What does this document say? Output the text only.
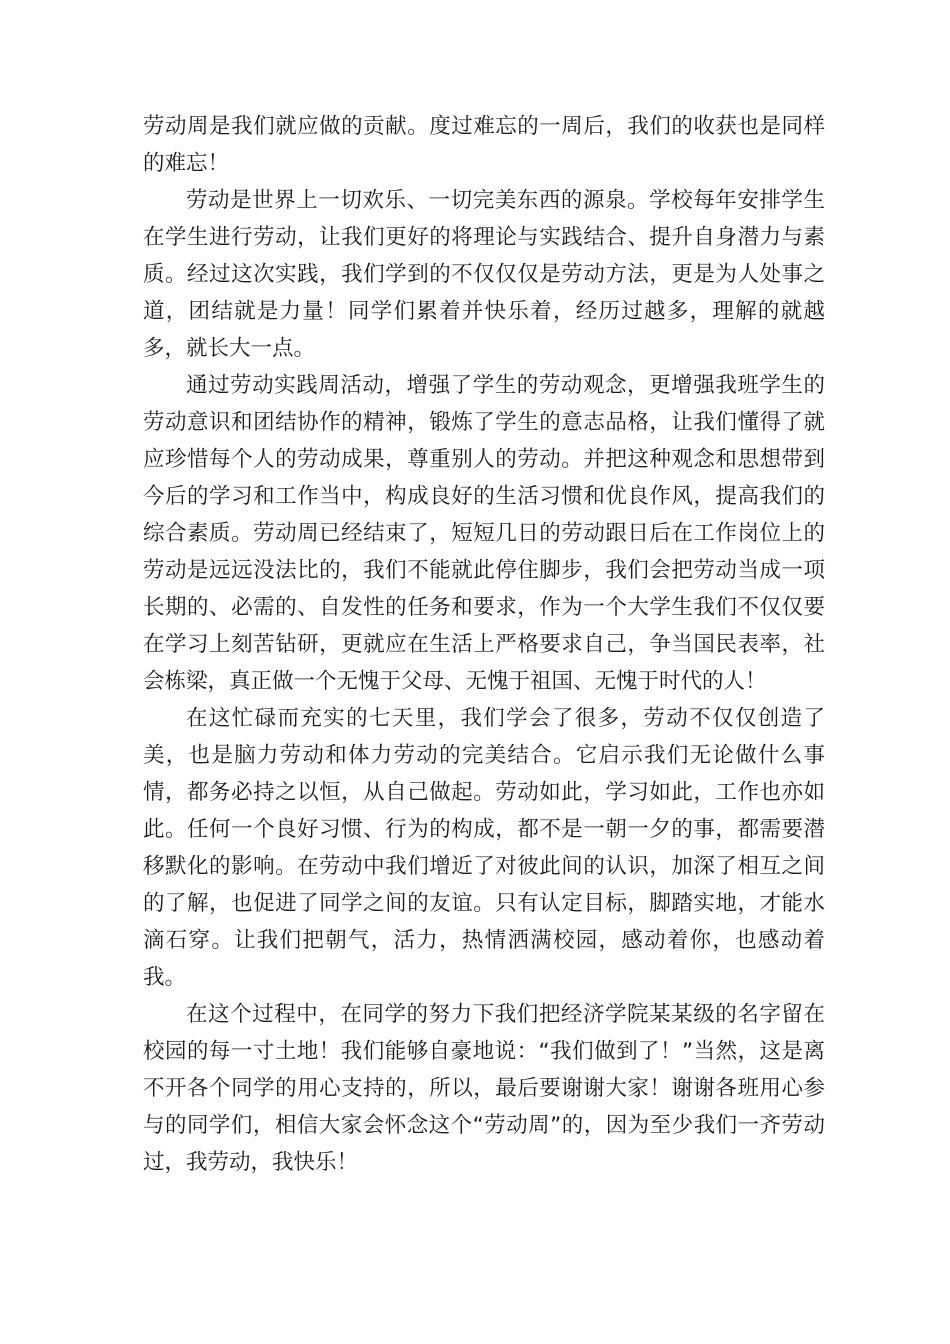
劳动周是我们就应做的贡献。度过难忘的一周后，我们的收获也是同样的难忘！

劳动是世界上一切欢乐、一切完美东西的源泉。学校每年安排学生在学生进行劳动，让我们更好的将理论与实践结合、提升自身潜力与素质。经过这次实践，我们学到的不仅仅仅是劳动方法，更是为人处事之道，团结就是力量！同学们累着并快乐着，经历过越多，理解的就越多，就长大一点。

通过劳动实践周活动，增强了学生的劳动观念，更增强我班学生的劳动意识和团结协作的精神，锻炼了学生的意志品格，让我们懂得了就应珍惜每个人的劳动成果，尊重别人的劳动。并把这种观念和思想带到今后的学习和工作当中，构成良好的生活习惯和优良作风，提高我们的综合素质。劳动周已经结束了，短短几日的劳动跟日后在工作岗位上的劳动是远远没法比的，我们不能就此停住脚步，我们会把劳动当成一项长期的、必需的、自发性的任务和要求，作为一个大学生我们不仅仅要在学习上刻苦钻研，更就应在生活上严格要求自己，争当国民表率，社会栋梁，真正做一个无愧于父母、无愧于祖国、无愧于时代的人！

在这忙碌而充实的七天里，我们学会了很多，劳动不仅仅创造了美，也是脑力劳动和体力劳动的完美结合。它启示我们无论做什么事情，都务必持之以恒，从自己做起。劳动如此，学习如此，工作也亦如此。任何一个良好习惯、行为的构成，都不是一朝一夕的事，都需要潜移默化的影响。在劳动中我们增近了对彼此间的认识，加深了相互之间的了解，也促进了同学之间的友谊。只有认定目标，脚踏实地，才能水滴石穿。让我们把朝气，活力，热情洒满校园，感动着你，也感动着我。

在这个过程中，在同学的努力下我们把经济学院某某级的名字留在校园的每一寸土地！我们能够自豪地说：“我们做到了！”当然，这是离不开各个同学的用心支持的，所以，最后要谢谢大家！谢谢各班用心参与的同学们，相信大家会怀念这个“劳动周”的，因为至少我们一齐劳动过，我劳动，我快乐！
